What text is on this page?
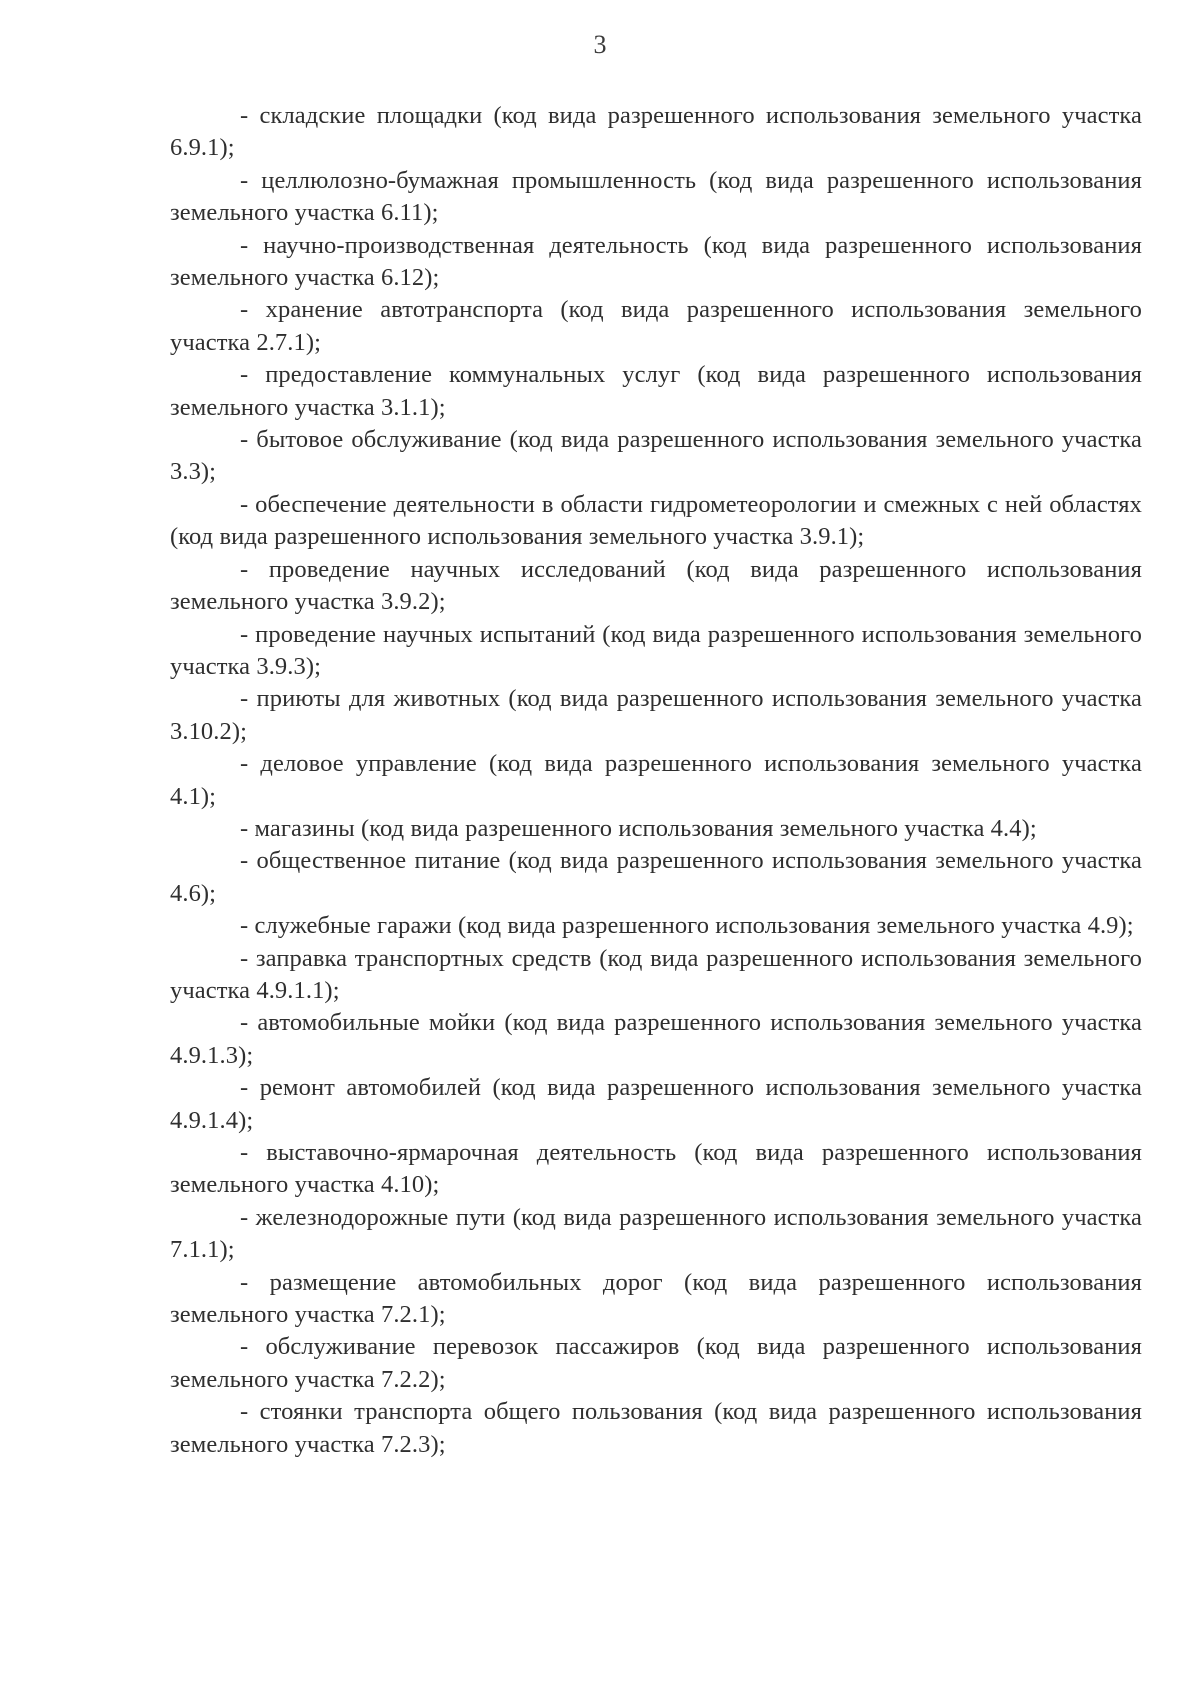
3

- складские площадки (код вида разрешенного использования земельного участка 6.9.1);

- целлюлозно-бумажная промышленность (код вида разрешенного использования земельного участка 6.11);

- научно-производственная деятельность (код вида разрешенного использования земельного участка 6.12);

- хранение автотранспорта (код вида разрешенного использования земельного участка 2.7.1);

- предоставление коммунальных услуг (код вида разрешенного использования земельного участка 3.1.1);

- бытовое обслуживание (код вида разрешенного использования земельного участка 3.3);

- обеспечение деятельности в области гидрометеорологии и смежных с ней областях (код вида разрешенного использования земельного участка 3.9.1);

- проведение научных исследований (код вида разрешенного использования земельного участка 3.9.2);

- проведение научных испытаний (код вида разрешенного использования земельного участка 3.9.3);

- приюты для животных (код вида разрешенного использования земельного участка 3.10.2);

- деловое управление (код вида разрешенного использования земельного участка 4.1);

- магазины (код вида разрешенного использования земельного участка 4.4);

- общественное питание (код вида разрешенного использования земельного участка 4.6);

- служебные гаражи (код вида разрешенного использования земельного участка 4.9);

- заправка транспортных средств (код вида разрешенного использования земельного участка 4.9.1.1);

- автомобильные мойки (код вида разрешенного использования земельного участка 4.9.1.3);

- ремонт автомобилей (код вида разрешенного использования земельного участка 4.9.1.4);

- выставочно-ярмарочная деятельность (код вида разрешенного использования земельного участка 4.10);

- железнодорожные пути (код вида разрешенного использования земельного участка 7.1.1);

- размещение автомобильных дорог (код вида разрешенного использования земельного участка 7.2.1);

- обслуживание перевозок пассажиров (код вида разрешенного использования земельного участка 7.2.2);

- стоянки транспорта общего пользования (код вида разрешенного использования земельного участка 7.2.3);
